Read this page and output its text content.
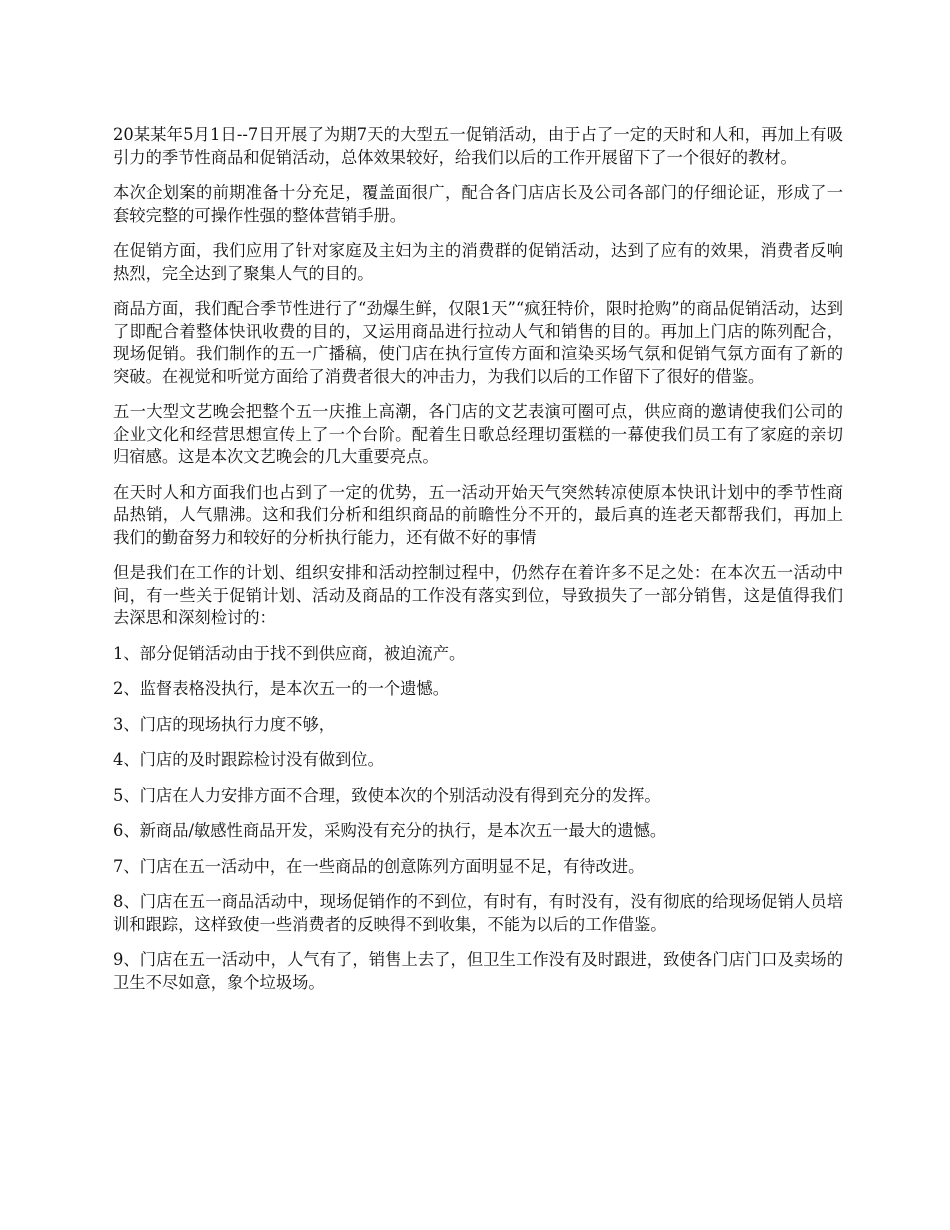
20某某年5月1日--7日开展了为期7天的大型五一促销活动，由于占了一定的天时和人和，再加上有吸引力的季节性商品和促销活动，总体效果较好，给我们以后的工作开展留下了一个很好的教材。

本次企划案的前期准备十分充足，覆盖面很广，配合各门店店长及公司各部门的仔细论证，形成了一套较完整的可操作性强的整体营销手册。

在促销方面，我们应用了针对家庭及主妇为主的消费群的促销活动，达到了应有的效果，消费者反响热烈，完全达到了聚集人气的目的。

商品方面，我们配合季节性进行了“劲爆生鲜，仅限1天”“疯狂特价，限时抢购”的商品促销活动，达到了即配合着整体快讯收费的目的，又运用商品进行拉动人气和销售的目的。再加上门店的陈列配合，现场促销。我们制作的五一广播稿，使门店在执行宣传方面和渲染买场气氛和促销气氛方面有了新的突破。在视觉和听觉方面给了消费者很大的冲击力，为我们以后的工作留下了很好的借鉴。

五一大型文艺晚会把整个五一庆推上高潮，各门店的文艺表演可圈可点，供应商的邀请使我们公司的企业文化和经营思想宣传上了一个台阶。配着生日歌总经理切蛋糕的一幕使我们员工有了家庭的亲切归宿感。这是本次文艺晚会的几大重要亮点。

在天时人和方面我们也占到了一定的优势，五一活动开始天气突然转凉使原本快讯计划中的季节性商品热销，人气鼎沸。这和我们分析和组织商品的前瞻性分不开的，最后真的连老天都帮我们，再加上我们的勤奋努力和较好的分析执行能力，还有做不好的事情

但是我们在工作的计划、组织安排和活动控制过程中，仍然存在着许多不足之处：在本次五一活动中间，有一些关于促销计划、活动及商品的工作没有落实到位，导致损失了一部分销售，这是值得我们去深思和深刻检讨的：

1、部分促销活动由于找不到供应商，被迫流产。

2、监督表格没执行，是本次五一的一个遗憾。

3、门店的现场执行力度不够，

4、门店的及时跟踪检讨没有做到位。

5、门店在人力安排方面不合理，致使本次的个别活动没有得到充分的发挥。

6、新商品/敏感性商品开发，采购没有充分的执行，是本次五一最大的遗憾。

7、门店在五一活动中，在一些商品的创意陈列方面明显不足，有待改进。

8、门店在五一商品活动中，现场促销作的不到位，有时有，有时没有，没有彻底的给现场促销人员培训和跟踪，这样致使一些消费者的反映得不到收集，不能为以后的工作借鉴。

9、门店在五一活动中，人气有了，销售上去了，但卫生工作没有及时跟进，致使各门店门口及卖场的卫生不尽如意，象个垃圾场。
